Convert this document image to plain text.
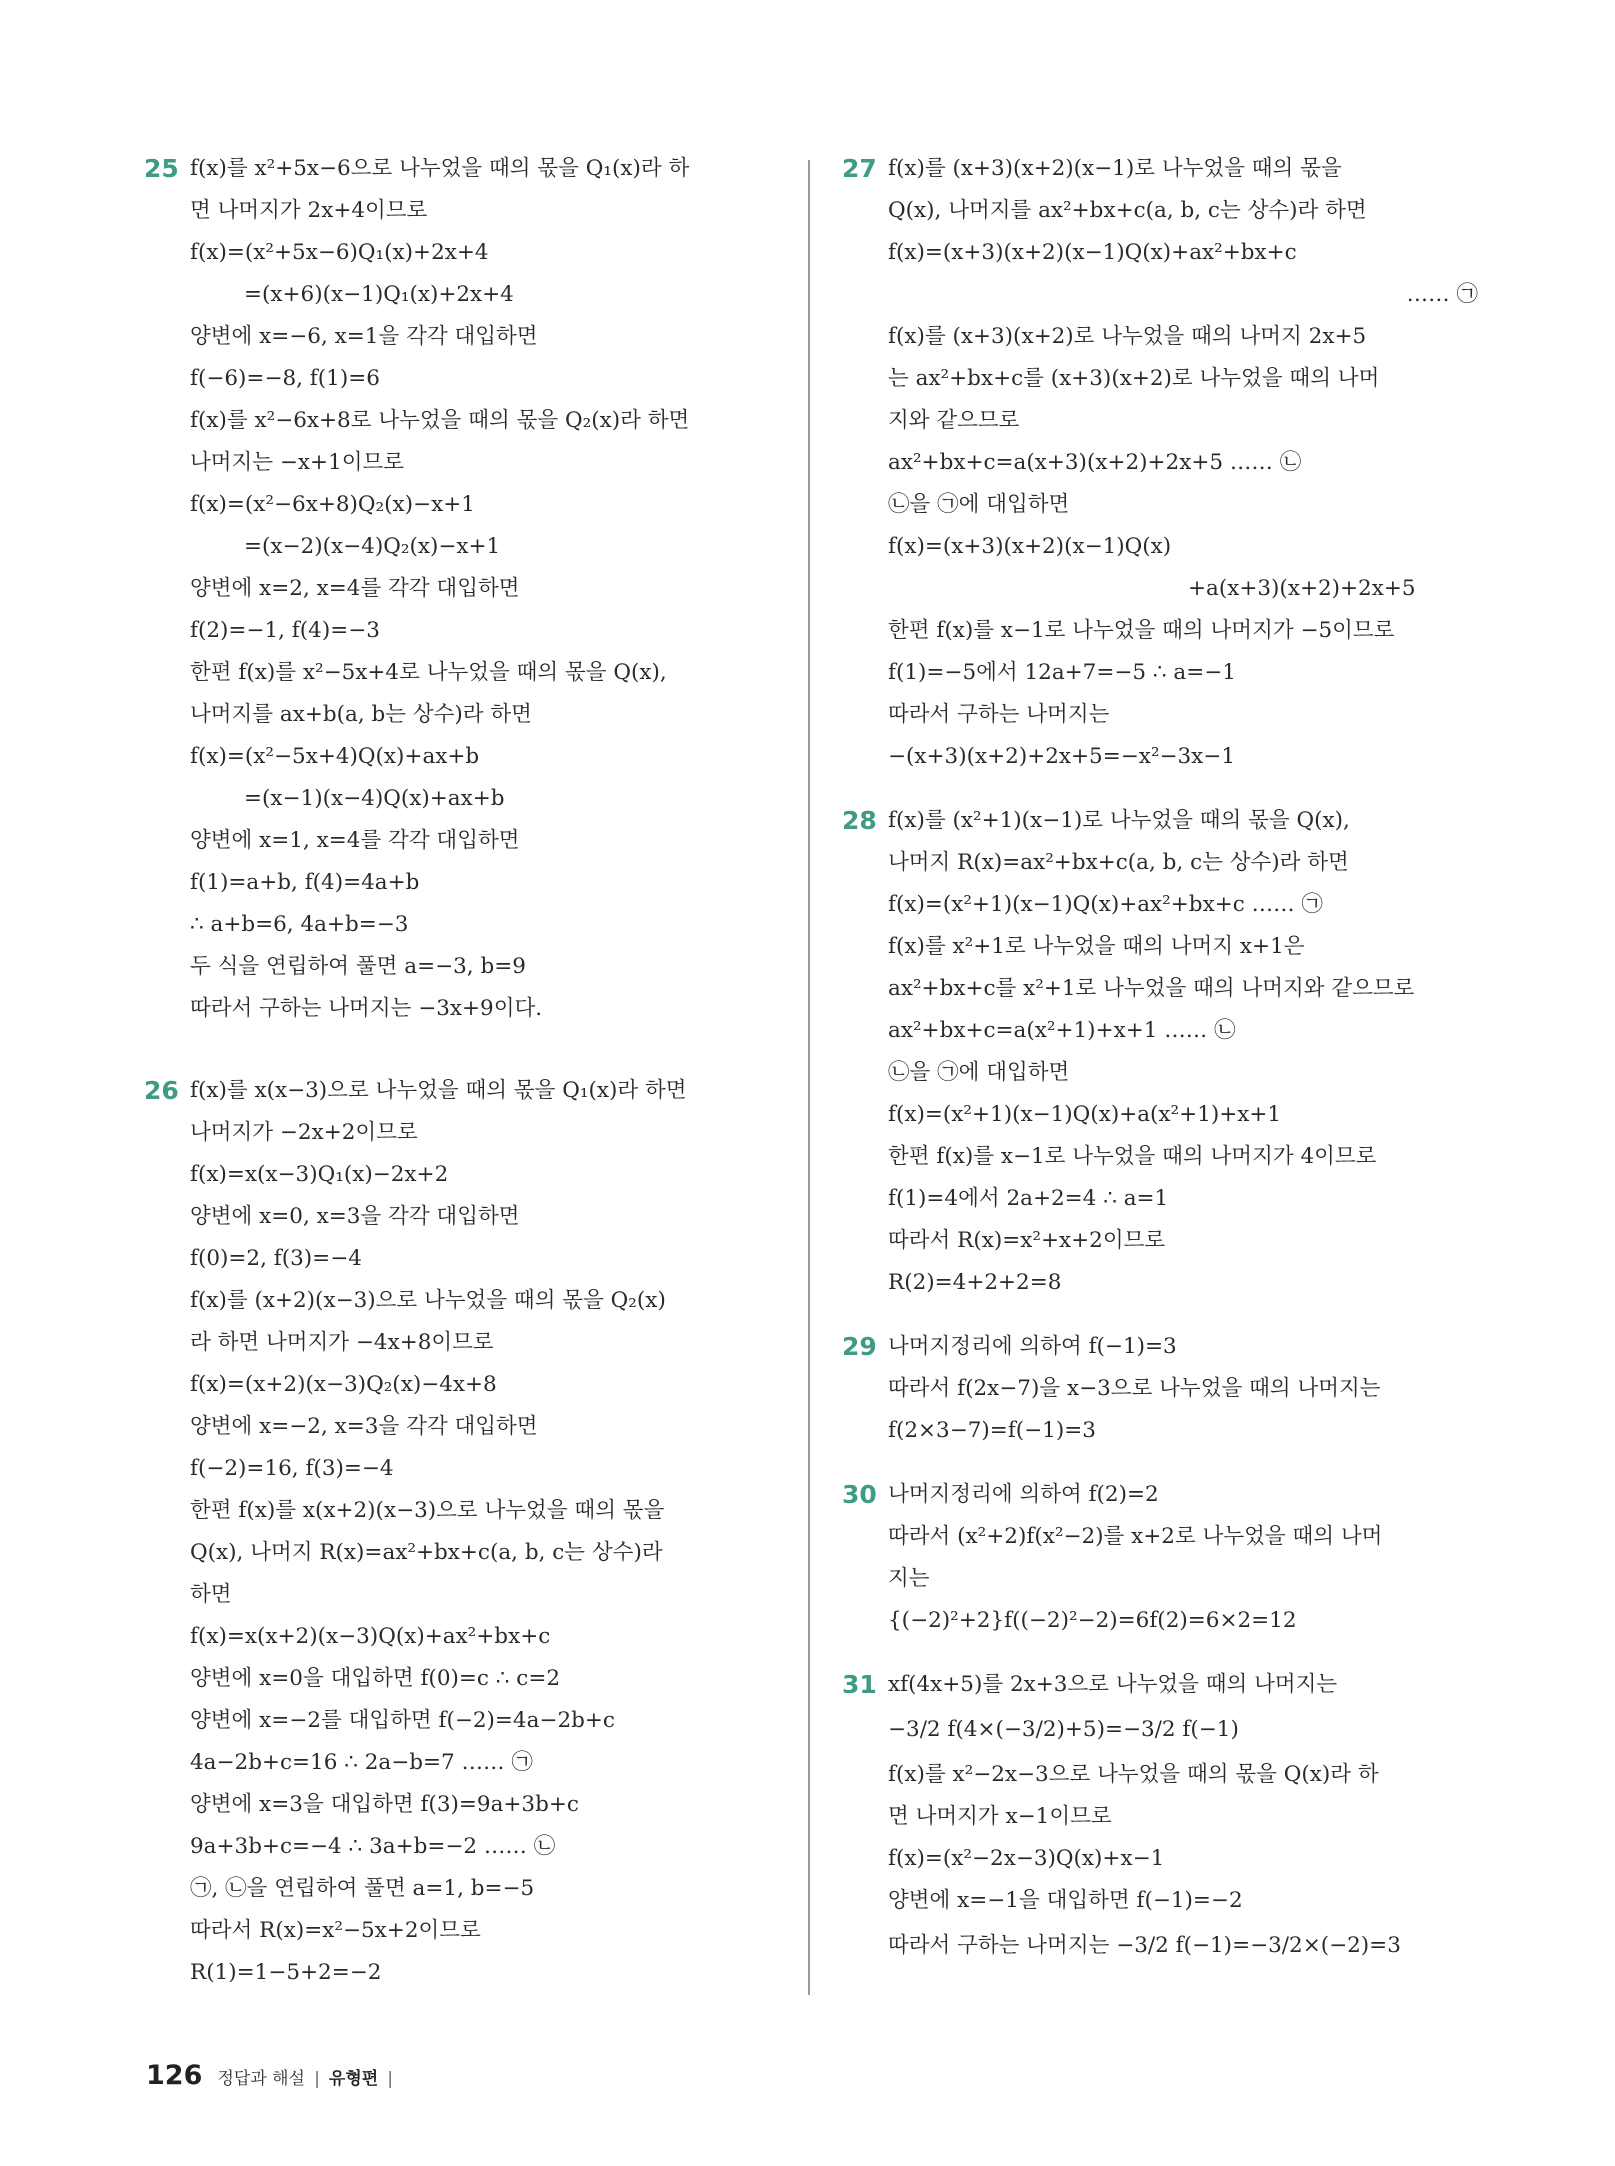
25 f(x)를 x²+5x−6으로 나누었을 때의 몫을 Q₁(x)라 하
면 나머지가 2x+4이므로
f(x)=(x²+5x−6)Q₁(x)+2x+4
=(x+6)(x−1)Q₁(x)+2x+4
양변에 x=−6, x=1을 각각 대입하면
f(−6)=−8, f(1)=6
f(x)를 x²−6x+8로 나누었을 때의 몫을 Q₂(x)라 하면
나머지는 −x+1이므로
f(x)=(x²−6x+8)Q₂(x)−x+1
=(x−2)(x−4)Q₂(x)−x+1
양변에 x=2, x=4를 각각 대입하면
f(2)=−1, f(4)=−3
한편 f(x)를 x²−5x+4로 나누었을 때의 몫을 Q(x),
나머지를 ax+b(a, b는 상수)라 하면
f(x)=(x²−5x+4)Q(x)+ax+b
=(x−1)(x−4)Q(x)+ax+b
양변에 x=1, x=4를 각각 대입하면
f(1)=a+b, f(4)=4a+b
∴ a+b=6, 4a+b=−3
두 식을 연립하여 풀면 a=−3, b=9
따라서 구하는 나머지는 −3x+9이다.
26 f(x)를 x(x−3)으로 나누었을 때의 몫을 Q₁(x)라 하면
나머지가 −2x+2이므로
f(x)=x(x−3)Q₁(x)−2x+2
양변에 x=0, x=3을 각각 대입하면
f(0)=2, f(3)=−4
f(x)를 (x+2)(x−3)으로 나누었을 때의 몫을 Q₂(x)
라 하면 나머지가 −4x+8이므로
f(x)=(x+2)(x−3)Q₂(x)−4x+8
양변에 x=−2, x=3을 각각 대입하면
f(−2)=16, f(3)=−4
한편 f(x)를 x(x+2)(x−3)으로 나누었을 때의 몫을
Q(x), 나머지 R(x)=ax²+bx+c(a, b, c는 상수)라
하면
f(x)=x(x+2)(x−3)Q(x)+ax²+bx+c
양변에 x=0을 대입하면 f(0)=c ∴ c=2
양변에 x=−2를 대입하면 f(−2)=4a−2b+c
4a−2b+c=16 ∴ 2a−b=7 …… ㉠
양변에 x=3을 대입하면 f(3)=9a+3b+c
9a+3b+c=−4 ∴ 3a+b=−2 …… ㉡
㉠, ㉡을 연립하여 풀면 a=1, b=−5
따라서 R(x)=x²−5x+2이므로
R(1)=1−5+2=−2
27 f(x)를 (x+3)(x+2)(x−1)로 나누었을 때의 몫을
Q(x), 나머지를 ax²+bx+c(a, b, c는 상수)라 하면
f(x)=(x+3)(x+2)(x−1)Q(x)+ax²+bx+c
…… ㉠
f(x)를 (x+3)(x+2)로 나누었을 때의 나머지 2x+5
는 ax²+bx+c를 (x+3)(x+2)로 나누었을 때의 나머
지와 같으므로
ax²+bx+c=a(x+3)(x+2)+2x+5 …… ㉡
㉡을 ㉠에 대입하면
f(x)=(x+3)(x+2)(x−1)Q(x)
+a(x+3)(x+2)+2x+5
한편 f(x)를 x−1로 나누었을 때의 나머지가 −5이므로
f(1)=−5에서 12a+7=−5 ∴ a=−1
따라서 구하는 나머지는
−(x+3)(x+2)+2x+5=−x²−3x−1
28 f(x)를 (x²+1)(x−1)로 나누었을 때의 몫을 Q(x),
나머지 R(x)=ax²+bx+c(a, b, c는 상수)라 하면
f(x)=(x²+1)(x−1)Q(x)+ax²+bx+c …… ㉠
f(x)를 x²+1로 나누었을 때의 나머지 x+1은
ax²+bx+c를 x²+1로 나누었을 때의 나머지와 같으므로
ax²+bx+c=a(x²+1)+x+1 …… ㉡
㉡을 ㉠에 대입하면
f(x)=(x²+1)(x−1)Q(x)+a(x²+1)+x+1
한편 f(x)를 x−1로 나누었을 때의 나머지가 4이므로
f(1)=4에서 2a+2=4 ∴ a=1
따라서 R(x)=x²+x+2이므로
R(2)=4+2+2=8
29 나머지정리에 의하여 f(−1)=3
따라서 f(2x−7)을 x−3으로 나누었을 때의 나머지는
f(2×3−7)=f(−1)=3
30 나머지정리에 의하여 f(2)=2
따라서 (x²+2)f(x²−2)를 x+2로 나누었을 때의 나머
지는
{(−2)²+2}f((−2)²−2)=6f(2)=6×2=12
31 xf(4x+5)를 2x+3으로 나누었을 때의 나머지는
−3/2 f(4×(−3/2)+5)=−3/2 f(−1)
f(x)를 x²−2x−3으로 나누었을 때의 몫을 Q(x)라 하
면 나머지가 x−1이므로
f(x)=(x²−2x−3)Q(x)+x−1
양변에 x=−1을 대입하면 f(−1)=−2
따라서 구하는 나머지는 −3/2 f(−1)=−3/2×(−2)=3
126 정답과 해설 | 유형편 |
